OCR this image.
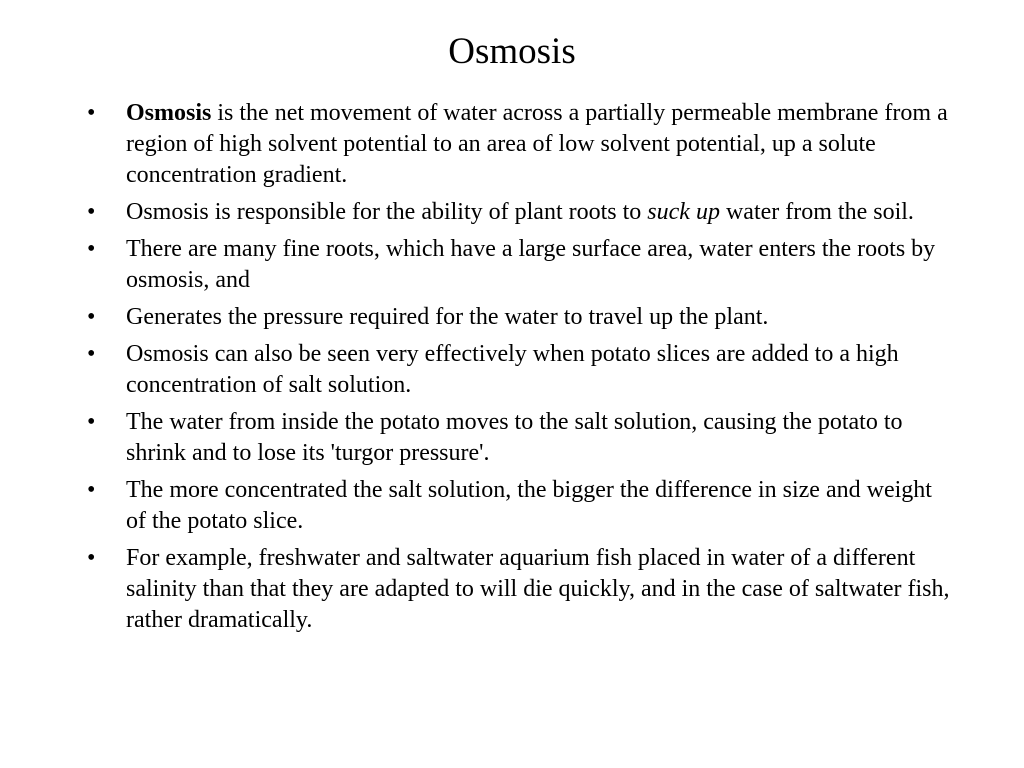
Osmosis
•	Osmosis is the net movement of water across a partially permeable membrane from a region of high solvent potential to an area of low solvent potential, up a solute concentration gradient.
•	Osmosis is responsible for the ability of plant roots to suck up water from the soil.
•	There are many fine roots, which have a large surface area, water enters the roots by osmosis, and
•	Generates the pressure required for the water to travel up the plant.
•	Osmosis can also be seen very effectively when potato slices are added to a high concentration of salt solution.
•	The water from inside the potato moves to the salt solution, causing the potato to shrink and to lose its 'turgor pressure'.
•	The more concentrated the salt solution, the bigger the difference in size and weight of the potato slice.
•	For example, freshwater and saltwater aquarium fish placed in water of a different salinity than that they are adapted to will die quickly, and in the case of saltwater fish, rather dramatically.
